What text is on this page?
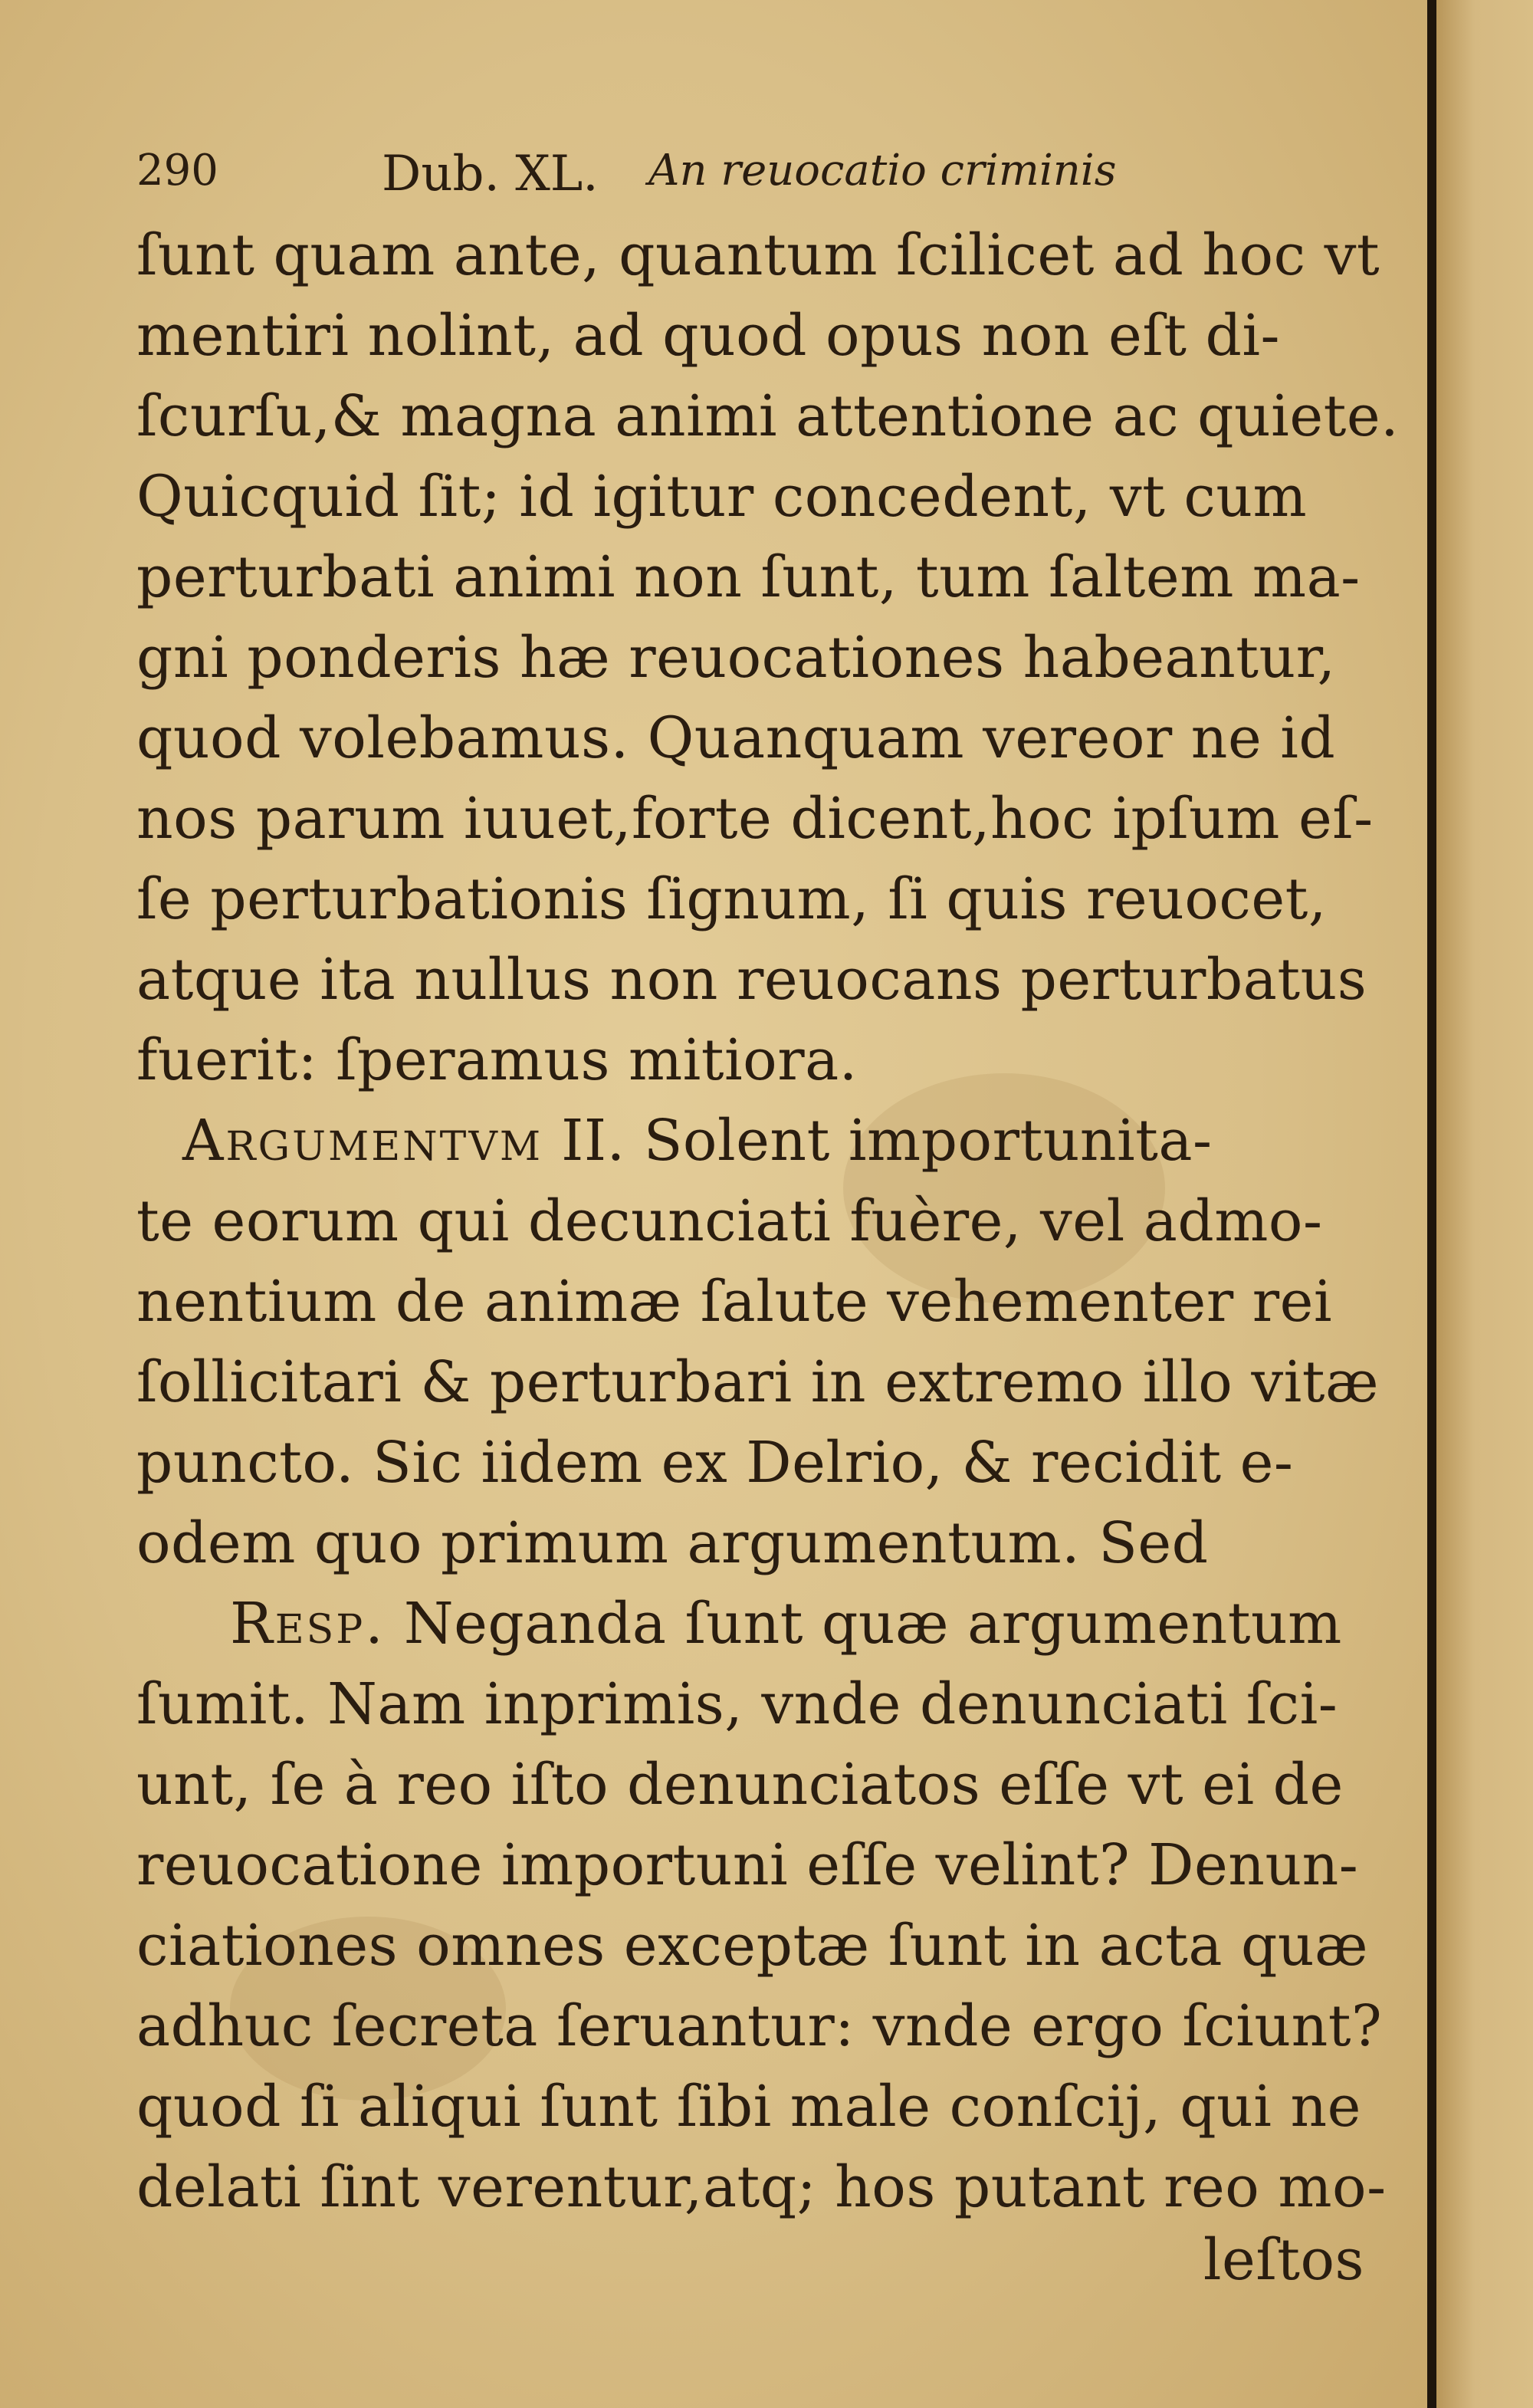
290	Dub. XL. An reuocatio criminis
ſunt quam ante, quantum ſcilicet ad hoc vt
mentiri nolint, ad quod opus non eſt di-
ſcurſu,& magna animi attentione ac quiete.
Quicquid ſit; id igitur concedent, vt cum
perturbati animi non ſunt, tum ſaltem ma-
gni ponderis hæ reuocationes habeantur,
quod volebamus. Quanquam vereor ne id
nos parum iuuet,forte dicent,hoc ipſum eſ-
ſe perturbationis ſignum, ſi quis reuocet,
atque ita nullus non reuocans perturbatus
fuerit: ſperamus mitiora.
Argumentvm II. Solent importunita-
te eorum qui decunciati fuère, vel admo-
nentium de animæ ſalute vehementer rei
ſollicitari & perturbari in extremo illo vitæ
puncto. Sic iidem ex Delrio, & recidit e-
odem quo primum argumentum. Sed
Resp. Neganda ſunt quæ argumentum
ſumit. Nam inprimis, vnde denunciati ſci-
unt, ſe à reo iſto denunciatos eſſe vt ei de
reuocatione importuni eſſe velint? Denun-
ciationes omnes exceptæ ſunt in acta quæ
adhuc ſecreta ſeruantur: vnde ergo ſciunt?
quod ſi aliqui ſunt ſibi male conſcij, qui ne
delati ſint verentur,atq; hos putant reo mo-
leſtos
